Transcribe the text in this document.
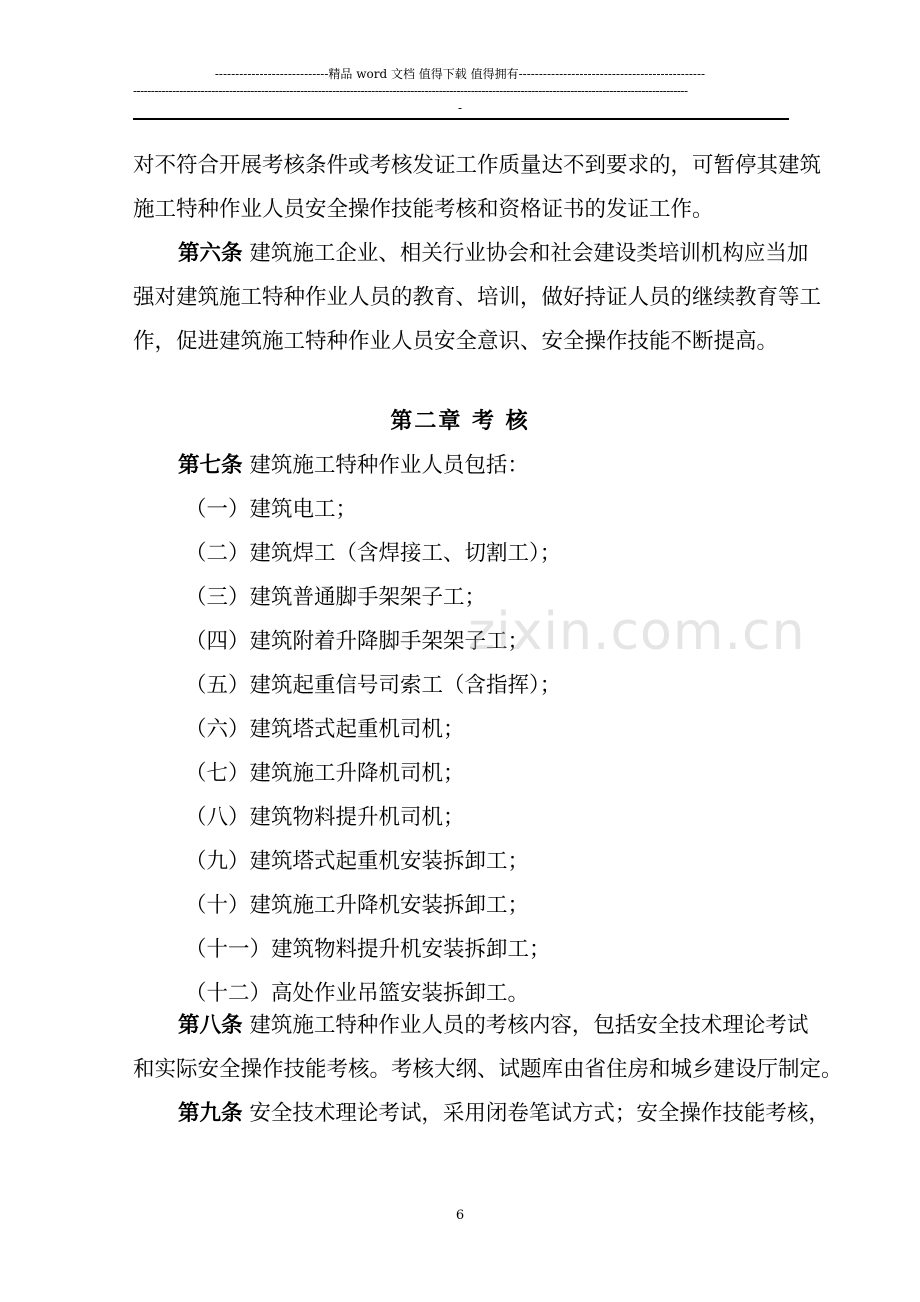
----------------------------精品 word 文档 值得下载 值得拥有----------------------------------------------
------------------------------------------------------------------------------------------------------------------------------------------------------------
-
对不符合开展考核条件或考核发证工作质量达不到要求的，可暂停其建筑
施工特种作业人员安全操作技能考核和资格证书的发证工作。
第六条 建筑施工企业、相关行业协会和社会建设类培训机构应当加
强对建筑施工特种作业人员的教育、培训，做好持证人员的继续教育等工
作，促进建筑施工特种作业人员安全意识、安全操作技能不断提高。
第二章 考 核
第七条 建筑施工特种作业人员包括：
（一）建筑电工；
（二）建筑焊工（含焊接工、切割工）；
（三）建筑普通脚手架架子工；
（四）建筑附着升降脚手架架子工；
（五）建筑起重信号司索工（含指挥）；
（六）建筑塔式起重机司机；
（七）建筑施工升降机司机；
（八）建筑物料提升机司机；
（九）建筑塔式起重机安装拆卸工；
（十）建筑施工升降机安装拆卸工；
（十一）建筑物料提升机安装拆卸工；
（十二）高处作业吊篮安装拆卸工。
第八条 建筑施工特种作业人员的考核内容，包括安全技术理论考试
和实际安全操作技能考核。考核大纲、试题库由省住房和城乡建设厅制定。
第九条 安全技术理论考试，采用闭卷笔试方式；安全操作技能考核，
zixin.com.cn
6
